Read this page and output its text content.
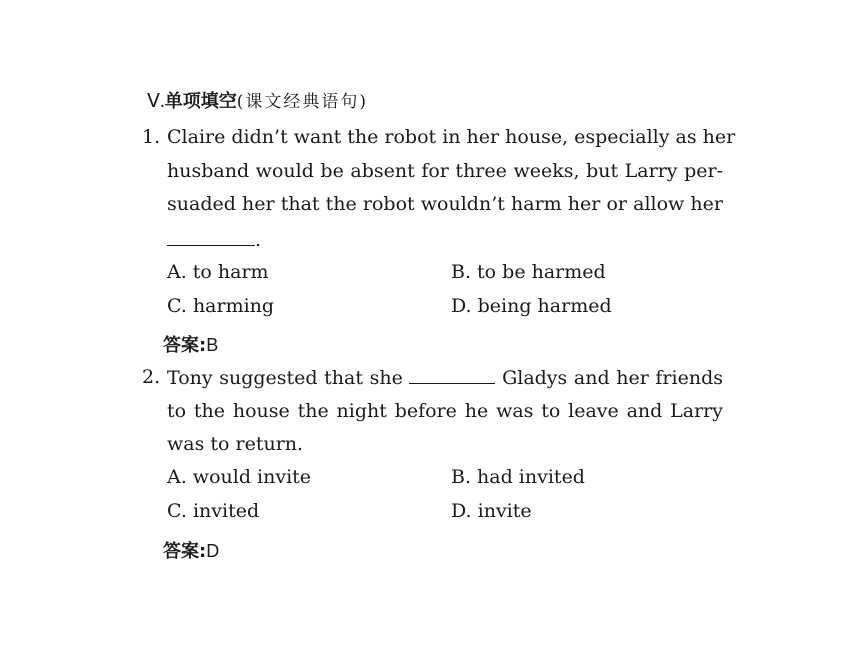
Ⅴ.单项填空(课文经典语句)
1. Claire didn’t want the robot in her house, especially as her
husband would be absent for three weeks, but Larry per-
suaded her that the robot wouldn’t harm her or allow her
.
A. to harm	B. to be harmed
C. harming	D. being harmed
答案:B
2. Tony suggested that she	Gladys and her friends
to the house the night before he was to leave and Larry
was to return.
A. would invite	B. had invited
C. invited	D. invite
答案:D
